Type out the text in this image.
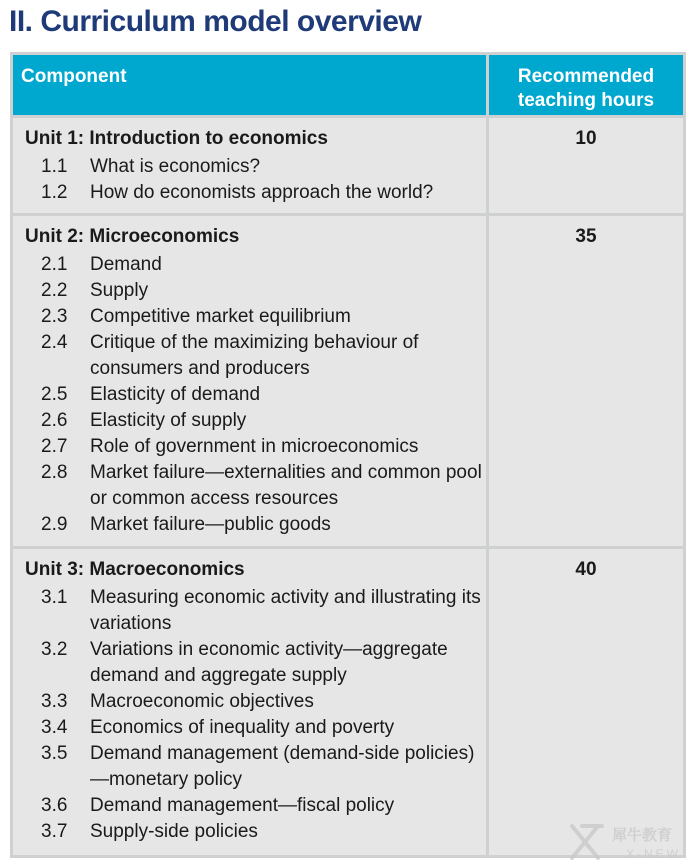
II. Curriculum model overview
Component	Recommended
teaching hours
Unit 1: Introduction to economics
1.1 What is economics?
1.2 How do economists approach the world?
10
Unit 2: Microeconomics
2.1 Demand
2.2 Supply
2.3 Competitive market equilibrium
2.4 Critique of the maximizing behaviour of consumers and producers
2.5 Elasticity of demand
2.6 Elasticity of supply
2.7 Role of government in microeconomics
2.8 Market failure—externalities and common pool or common access resources
2.9 Market failure—public goods
35
Unit 3: Macroeconomics
3.1 Measuring economic activity and illustrating its variations
3.2 Variations in economic activity—aggregate demand and aggregate supply
3.3 Macroeconomic objectives
3.4 Economics of inequality and poverty
3.5 Demand management (demand-side policies)—monetary policy
3.6 Demand management—fiscal policy
3.7 Supply-side policies
40
犀牛教育
X-NEW
